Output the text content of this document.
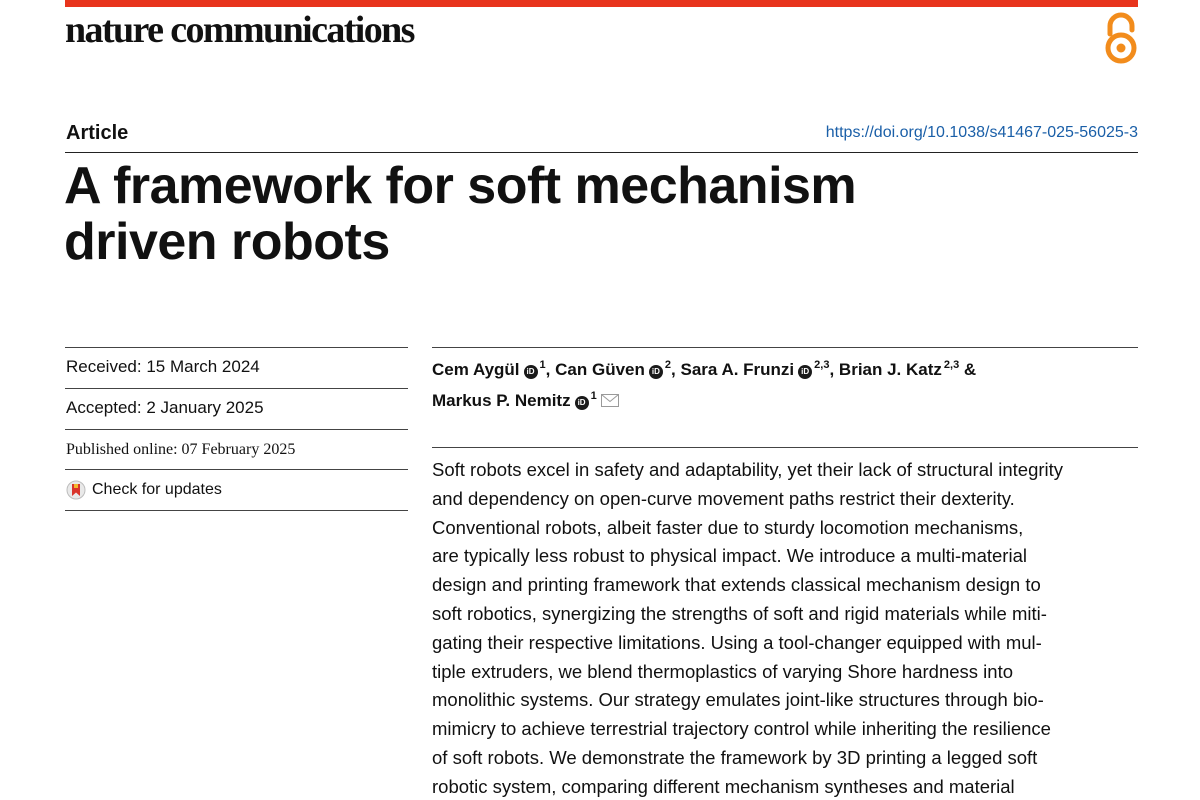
nature communications
Article	https://doi.org/10.1038/s41467-025-56025-3
A framework for soft mechanism
driven robots
Received: 15 March 2024
Accepted: 2 January 2025
Published online: 07 February 2025
Check for updates
Cem Aygül iD$^1$, Can Güven iD$^2$, Sara A. Frunzi iD$^{2,3}$, Brian J. Katz $^{2,3}$ &
Markus P. Nemitz iD$^1$
Soft robots excel in safety and adaptability, yet their lack of structural integrity
and dependency on open-curve movement paths restrict their dexterity.
Conventional robots, albeit faster due to sturdy locomotion mechanisms,
are typically less robust to physical impact. We introduce a multi-material
design and printing framework that extends classical mechanism design to
soft robotics, synergizing the strengths of soft and rigid materials while miti-
gating their respective limitations. Using a tool-changer equipped with mul-
tiple extruders, we blend thermoplastics of varying Shore hardness into
monolithic systems. Our strategy emulates joint-like structures through bio-
mimicry to achieve terrestrial trajectory control while inheriting the resilience
of soft robots. We demonstrate the framework by 3D printing a legged soft
robotic system, comparing different mechanism syntheses and material
